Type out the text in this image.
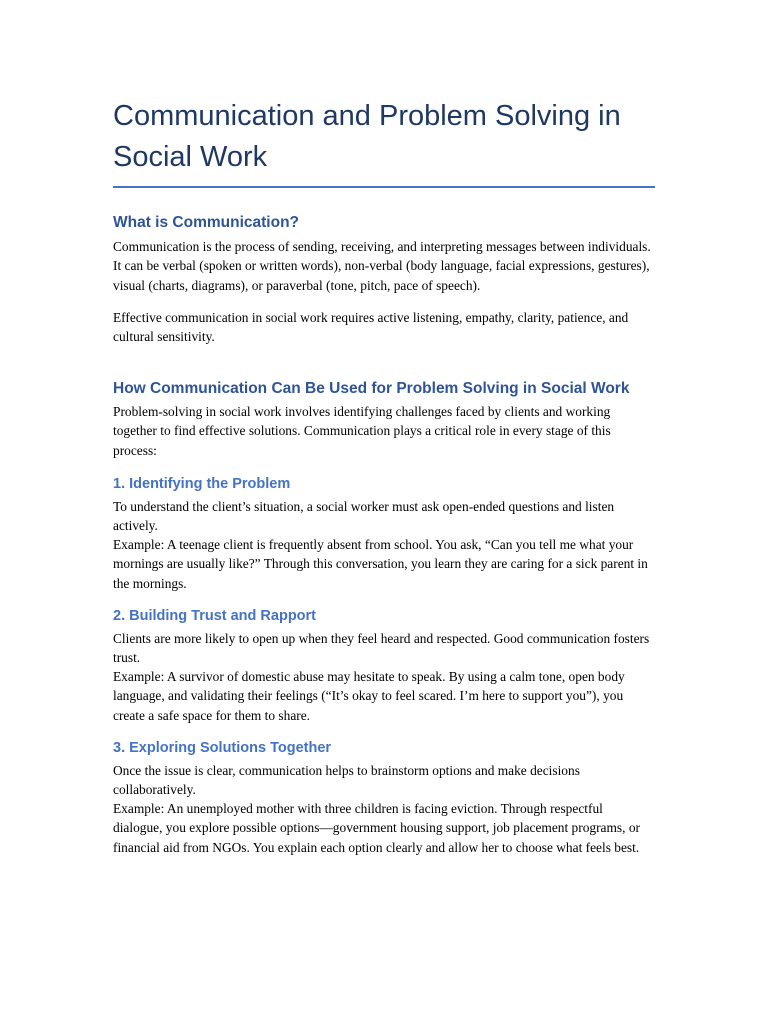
Communication and Problem Solving in Social Work
What is Communication?

Communication is the process of sending, receiving, and interpreting messages between individuals. It can be verbal (spoken or written words), non-verbal (body language, facial expressions, gestures), visual (charts, diagrams), or paraverbal (tone, pitch, pace of speech).

Effective communication in social work requires active listening, empathy, clarity, patience, and cultural sensitivity.

How Communication Can Be Used for Problem Solving in Social Work

Problem-solving in social work involves identifying challenges faced by clients and working together to find effective solutions. Communication plays a critical role in every stage of this process:

1. Identifying the Problem

To understand the client’s situation, a social worker must ask open-ended questions and listen actively.

Example: A teenage client is frequently absent from school. You ask, “Can you tell me what your mornings are usually like?” Through this conversation, you learn they are caring for a sick parent in the mornings.

2. Building Trust and Rapport

Clients are more likely to open up when they feel heard and respected. Good communication fosters trust.

Example: A survivor of domestic abuse may hesitate to speak. By using a calm tone, open body language, and validating their feelings (“It’s okay to feel scared. I’m here to support you”), you create a safe space for them to share.

3. Exploring Solutions Together

Once the issue is clear, communication helps to brainstorm options and make decisions collaboratively.

Example: An unemployed mother with three children is facing eviction. Through respectful dialogue, you explore possible options—government housing support, job placement programs, or financial aid from NGOs. You explain each option clearly and allow her to choose what feels best.
